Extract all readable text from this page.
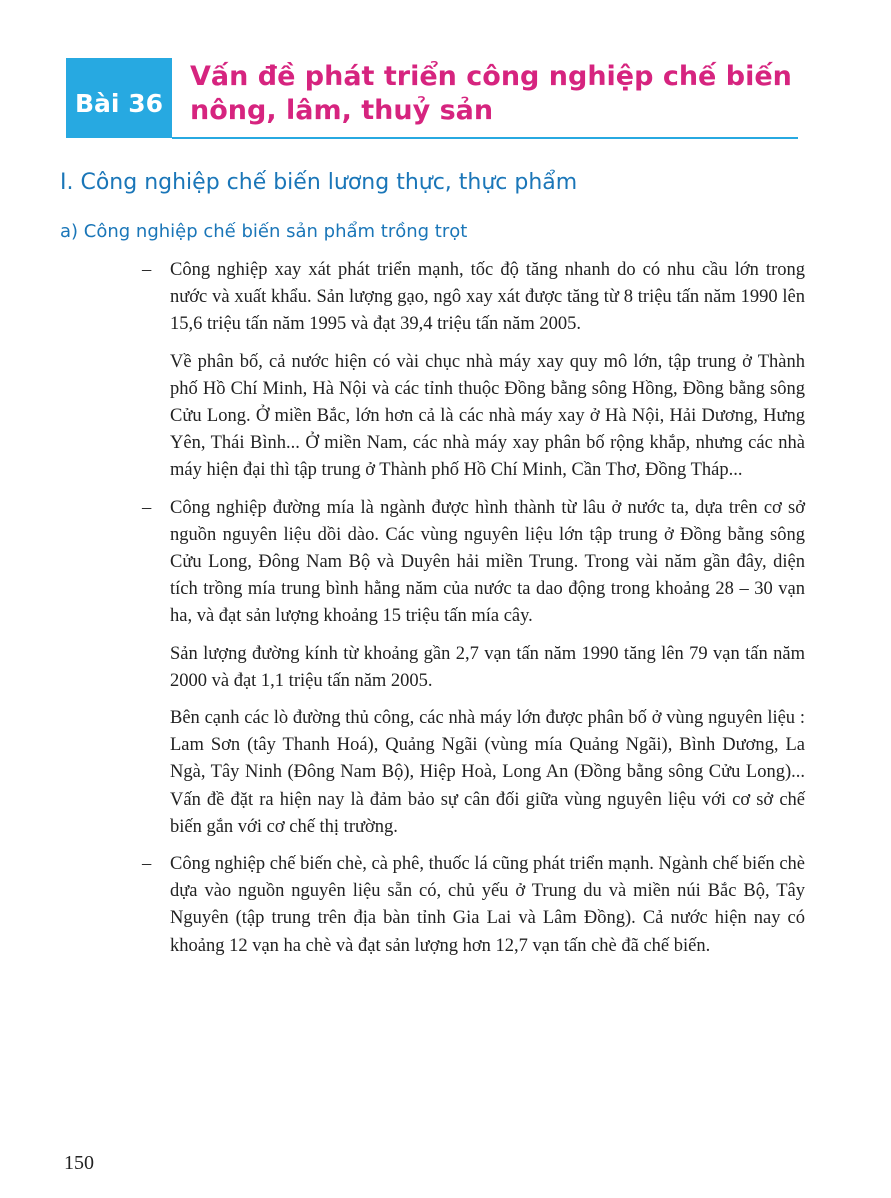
Bài 36
Vấn đề phát triển công nghiệp chế biến
nông, lâm, thuỷ sản
I. Công nghiệp chế biến lương thực, thực phẩm
a) Công nghiệp chế biến sản phẩm trồng trọt
– Công nghiệp xay xát phát triển mạnh, tốc độ tăng nhanh do có nhu cầu lớn trong nước và xuất khẩu. Sản lượng gạo, ngô xay xát được tăng từ 8 triệu tấn năm 1990 lên 15,6 triệu tấn năm 1995 và đạt 39,4 triệu tấn năm 2005.

Về phân bố, cả nước hiện có vài chục nhà máy xay quy mô lớn, tập trung ở Thành phố Hồ Chí Minh, Hà Nội và các tỉnh thuộc Đồng bằng sông Hồng, Đồng bằng sông Cửu Long. Ở miền Bắc, lớn hơn cả là các nhà máy xay ở Hà Nội, Hải Dương, Hưng Yên, Thái Bình... Ở miền Nam, các nhà máy xay phân bố rộng khắp, nhưng các nhà máy hiện đại thì tập trung ở Thành phố Hồ Chí Minh, Cần Thơ, Đồng Tháp...

– Công nghiệp đường mía là ngành được hình thành từ lâu ở nước ta, dựa trên cơ sở nguồn nguyên liệu dồi dào. Các vùng nguyên liệu lớn tập trung ở Đồng bằng sông Cửu Long, Đông Nam Bộ và Duyên hải miền Trung. Trong vài năm gần đây, diện tích trồng mía trung bình hằng năm của nước ta dao động trong khoảng 28 – 30 vạn ha, và đạt sản lượng khoảng 15 triệu tấn mía cây.

Sản lượng đường kính từ khoảng gần 2,7 vạn tấn năm 1990 tăng lên 79 vạn tấn năm 2000 và đạt 1,1 triệu tấn năm 2005.

Bên cạnh các lò đường thủ công, các nhà máy lớn được phân bố ở vùng nguyên liệu : Lam Sơn (tây Thanh Hoá), Quảng Ngãi (vùng mía Quảng Ngãi), Bình Dương, La Ngà, Tây Ninh (Đông Nam Bộ), Hiệp Hoà, Long An (Đồng bằng sông Cửu Long)... Vấn đề đặt ra hiện nay là đảm bảo sự cân đối giữa vùng nguyên liệu với cơ sở chế biến gắn với cơ chế thị trường.

– Công nghiệp chế biến chè, cà phê, thuốc lá cũng phát triển mạnh. Ngành chế biến chè dựa vào nguồn nguyên liệu sẵn có, chủ yếu ở Trung du và miền núi Bắc Bộ, Tây Nguyên (tập trung trên địa bàn tỉnh Gia Lai và Lâm Đồng). Cả nước hiện nay có khoảng 12 vạn ha chè và đạt sản lượng hơn 12,7 vạn tấn chè đã chế biến.

150
